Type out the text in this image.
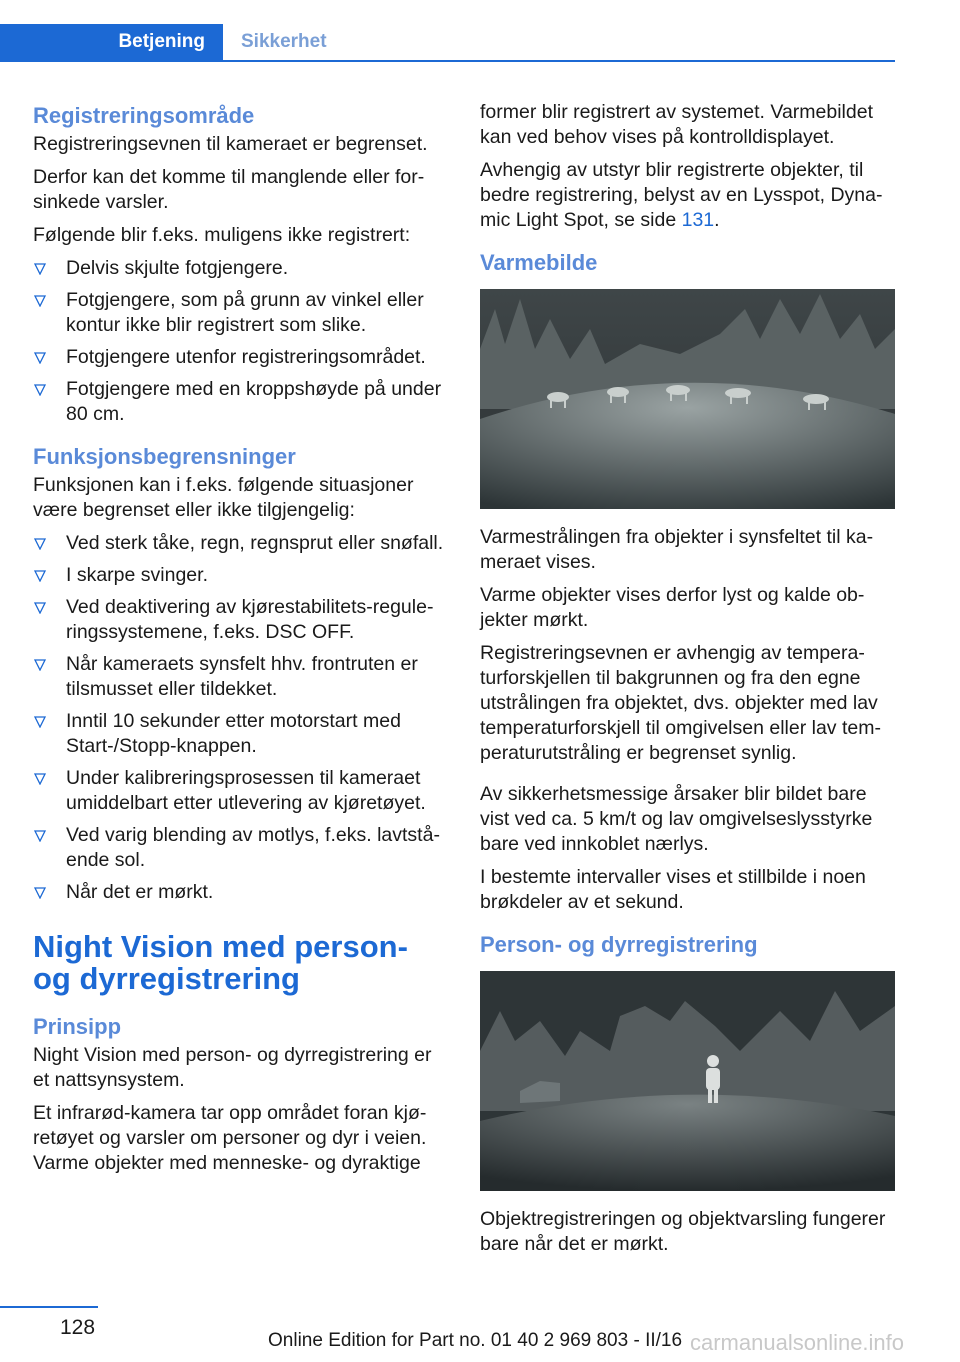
Betjening	Sikkerhet
Registreringsområde

Registreringsevnen til kameraet er begrenset.

Derfor kan det komme til manglende eller forsinkede varsler.

Følgende blir f.eks. muligens ikke registrert:

Delvis skjulte fotgjengere.
Fotgjengere, som på grunn av vinkel eller kontur ikke blir registrert som slike.
Fotgjengere utenfor registreringsområdet.
Fotgjengere med en kroppshøyde på under 80 cm.
Funksjonsbegrensninger

Funksjonen kan i f.eks. følgende situasjoner være begrenset eller ikke tilgjengelig:

Ved sterk tåke, regn, regnsprut eller snøfall.
I skarpe svinger.
Ved deaktivering av kjørestabilitets-reguleringssystemene, f.eks. DSC OFF.
Når kameraets synsfelt hhv. frontruten er tilsmusset eller tildekket.
Inntil 10 sekunder etter motorstart med Start-/Stopp-knappen.
Under kalibreringsprosessen til kameraet umiddelbart etter utlevering av kjøretøyet.
Ved varig blending av motlys, f.eks. lavtstående sol.
Når det er mørkt.
Night Vision med person- og dyrregistrering
Prinsipp

Night Vision med person- og dyrregistrering er et nattsynsystem.

Et infrarød-kamera tar opp området foran kjøretøyet og varsler om personer og dyr i veien. Varme objekter med menneske- og dyraktige

former blir registrert av systemet. Varmebildet kan ved behov vises på kontrolldisplayet.

Avhengig av utstyr blir registrerte objekter, til bedre registrering, belyst av en Lysspot, Dynamic Light Spot, se side 131.

Varmebilde

Varmestrålingen fra objekter i synsfeltet til kameraet vises.

Varme objekter vises derfor lyst og kalde objekter mørkt.

Registreringsevnen er avhengig av temperaturforskjellen til bakgrunnen og fra den egne utstrålingen fra objektet, dvs. objekter med lav temperaturforskjell til omgivelsen eller lav temperaturutstråling er begrenset synlig.

Av sikkerhetsmessige årsaker blir bildet bare vist ved ca. 5 km/t og lav omgivelseslysstyrke bare ved innkoblet nærlys.

I bestemte intervaller vises et stillbilde i noen brøkdeler av et sekund.

Person- og dyrregistrering

Objektregistreringen og objektvarsling fungerer bare når det er mørkt.

128
Online Edition for Part no. 01 40 2 969 803 - II/16 carmanualsonline.info
